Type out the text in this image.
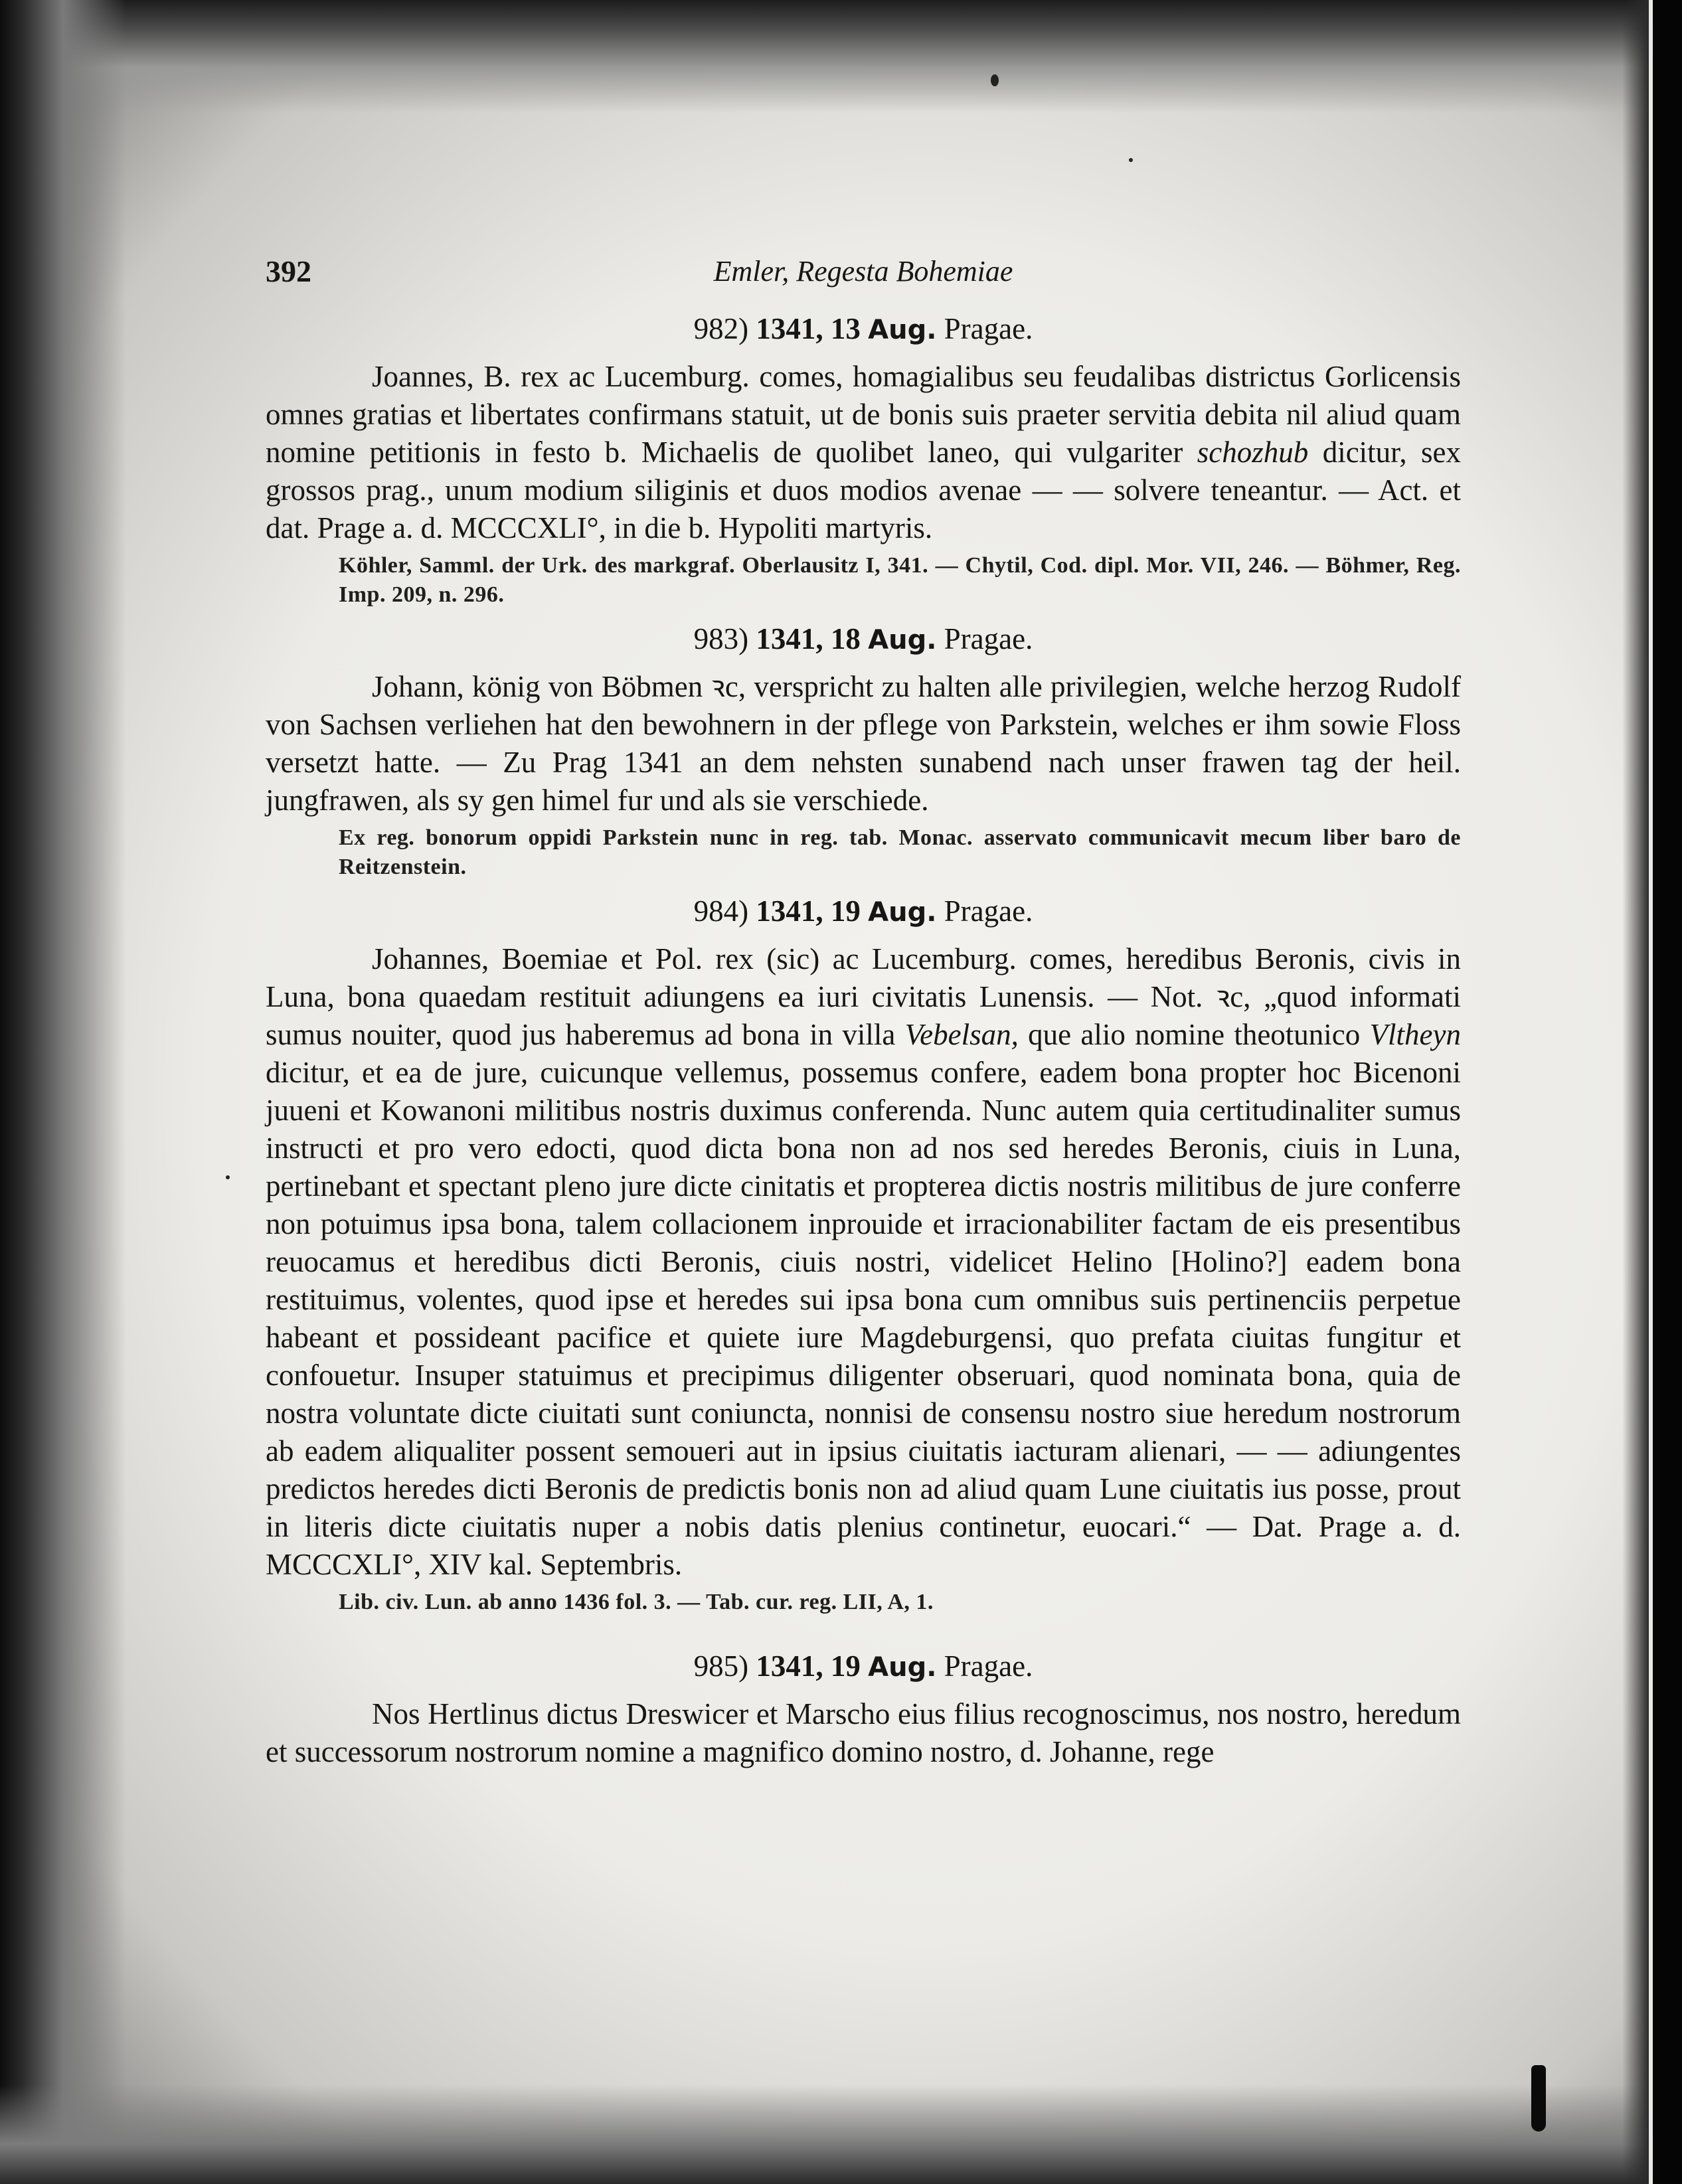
392	Emler, Regesta Bohemiae
982) 1341, 13 Aug. Pragae.

Joannes, B. rex ac Lucemburg. comes, homagialibus seu feudalibas districtus Gorlicensis omnes gratias et libertates confirmans statuit, ut de bonis suis praeter servitia debita nil aliud quam nomine petitionis in festo b. Michaelis de quolibet laneo, qui vulgariter schozhub dicitur, sex grossos prag., unum modium siliginis et duos modios avenae — — solvere teneantur. — Act. et dat. Prage a. d. MCCCXLI°, in die b. Hypoliti martyris.

Köhler, Samml. der Urk. des markgraf. Oberlausitz I, 341. — Chytil, Cod. dipl. Mor. VII, 246. — Böhmer, Reg. Imp. 209, n. 296.

983) 1341, 18 Aug. Pragae.

Johann, könig von Böbmen ꝛc, verspricht zu halten alle privilegien, welche herzog Rudolf von Sachsen verliehen hat den bewohnern in der pflege von Parkstein, welches er ihm sowie Floss versetzt hatte. — Zu Prag 1341 an dem nehsten sunabend nach unser frawen tag der heil. jungfrawen, als sy gen himel fur und als sie verschiede.

Ex reg. bonorum oppidi Parkstein nunc in reg. tab. Monac. asservato communicavit mecum liber baro de Reitzenstein.

984) 1341, 19 Aug. Pragae.

Johannes, Boemiae et Pol. rex (sic) ac Lucemburg. comes, heredibus Beronis, civis in Luna, bona quaedam restituit adiungens ea iuri civitatis Lunensis. — Not. ꝛc, „quod informati sumus nouiter, quod jus haberemus ad bona in villa Vebelsan, que alio nomine theotunico Vltheyn dicitur, et ea de jure, cuicunque vellemus, possemus confere, eadem bona propter hoc Bicenoni juueni et Kowanoni militibus nostris duximus conferenda. Nunc autem quia certitudinaliter sumus instructi et pro vero edocti, quod dicta bona non ad nos sed heredes Beronis, ciuis in Luna, pertinebant et spectant pleno jure dicte cinitatis et propterea dictis nostris militibus de jure conferre non potuimus ipsa bona, talem collacionem inprouide et irracionabiliter factam de eis presentibus reuocamus et heredibus dicti Beronis, ciuis nostri, videlicet Helino [Holino?] eadem bona restituimus, volentes, quod ipse et heredes sui ipsa bona cum omnibus suis pertinenciis perpetue habeant et possideant pacifice et quiete iure Magdeburgensi, quo prefata ciuitas fungitur et confouetur. Insuper statuimus et precipimus diligenter obseruari, quod nominata bona, quia de nostra voluntate dicte ciuitati sunt coniuncta, nonnisi de consensu nostro siue heredum nostrorum ab eadem aliqualiter possent semoueri aut in ipsius ciuitatis iacturam alienari, — — adiungentes predictos heredes dicti Beronis de predictis bonis non ad aliud quam Lune ciuitatis ius posse, prout in literis dicte ciuitatis nuper a nobis datis plenius continetur, euocari.“ — Dat. Prage a. d. MCCCXLI°, XIV kal. Septembris.

Lib. civ. Lun. ab anno 1436 fol. 3. — Tab. cur. reg. LII, A, 1.

985) 1341, 19 Aug. Pragae.

Nos Hertlinus dictus Dreswicer et Marscho eius filius recognoscimus, nos nostro, heredum et successorum nostrorum nomine a magnifico domino nostro, d. Johanne, rege
